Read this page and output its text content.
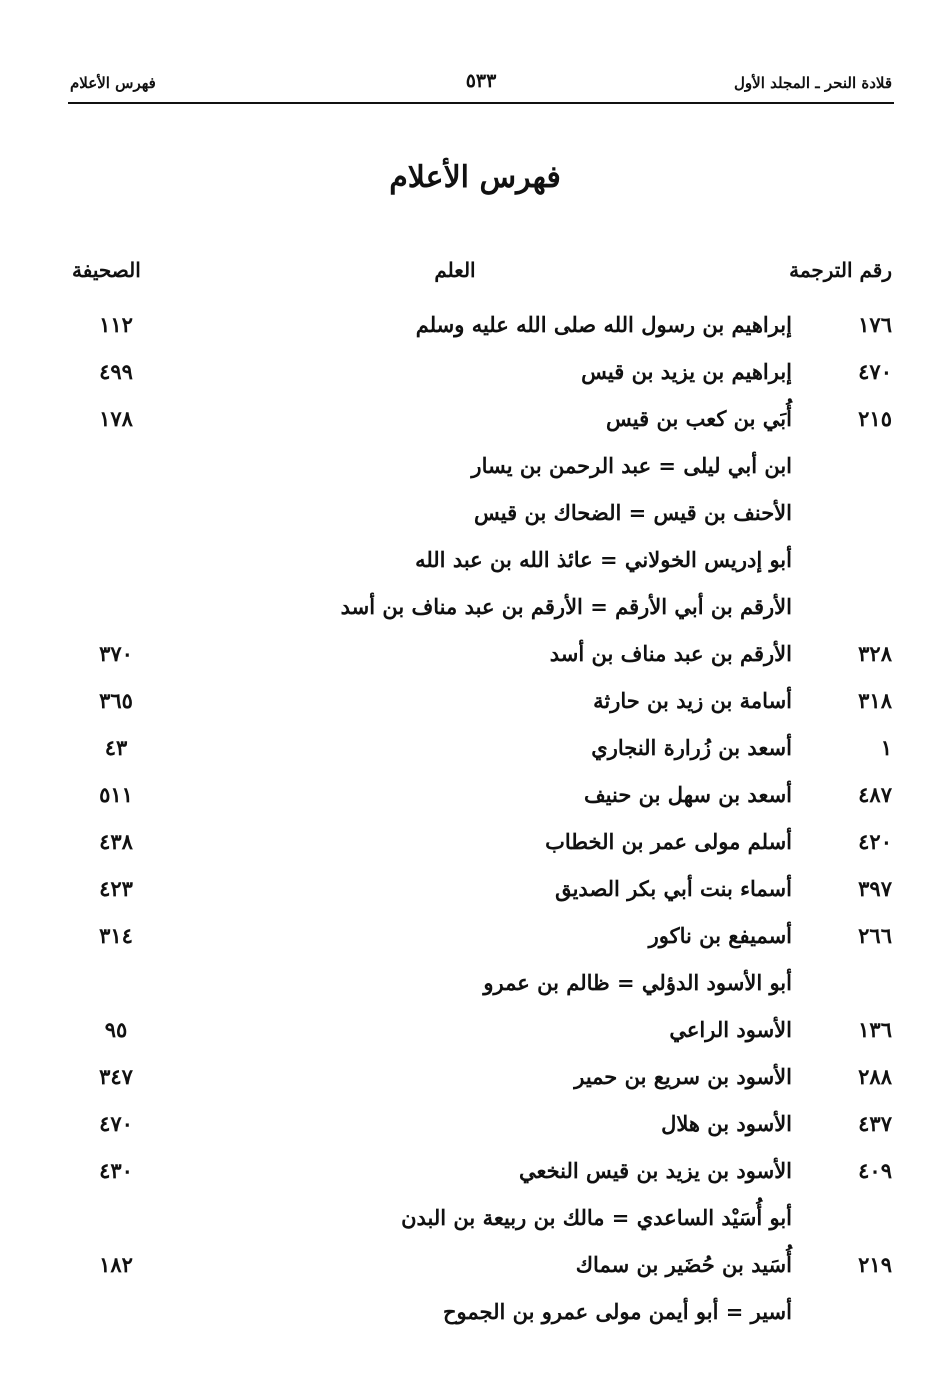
قلادة النحر ـ المجلد الأول
٥٣٣
فهرس الأعلام
فهرس الأعلام
رقم الترجمة
العلم
الصحيفة
١٧٦
إبراهيم بن رسول الله صلى الله عليه وسلم
١١٢
٤٧٠
إبراهيم بن يزيد بن قيس
٤٩٩
٢١٥
أُبَي بن كعب بن قيس
١٧٨
ابن أبي ليلى = عبد الرحمن بن يسار
الأحنف بن قيس = الضحاك بن قيس
أبو إدريس الخولاني = عائذ الله بن عبد الله
الأرقم بن أبي الأرقم = الأرقم بن عبد مناف بن أسد
٣٢٨
الأرقم بن عبد مناف بن أسد
٣٧٠
٣١٨
أسامة بن زيد بن حارثة
٣٦٥
١
أسعد بن زُرارة النجاري
٤٣
٤٨٧
أسعد بن سهل بن حنيف
٥١١
٤٢٠
أسلم مولى عمر بن الخطاب
٤٣٨
٣٩٧
أسماء بنت أبي بكر الصديق
٤٢٣
٢٦٦
أسميفع بن ناكور
٣١٤
أبو الأسود الدؤلي = ظالم بن عمرو
١٣٦
الأسود الراعي
٩٥
٢٨٨
الأسود بن سريع بن حمير
٣٤٧
٤٣٧
الأسود بن هلال
٤٧٠
٤٠٩
الأسود بن يزيد بن قيس النخعي
٤٣٠
أبو أُسَيْد الساعدي = مالك بن ربيعة بن البدن
٢١٩
أُسَيد بن حُضَير بن سماك
١٨٢
أسير = أبو أيمن مولى عمرو بن الجموح
